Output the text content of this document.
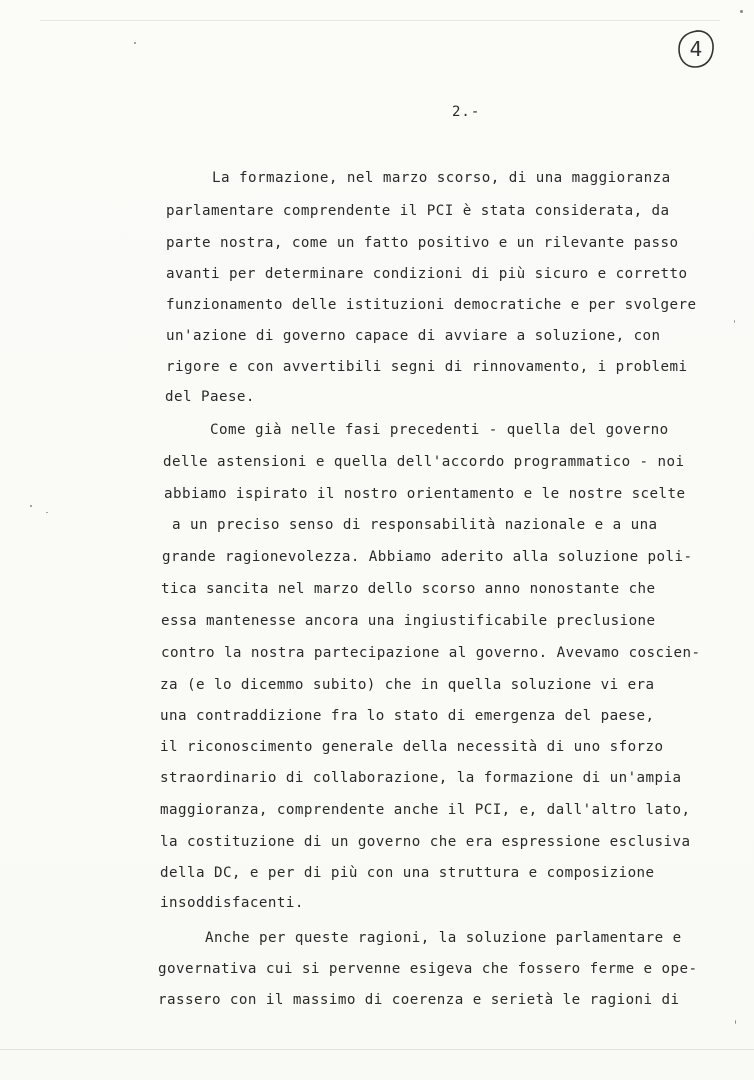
4
2.-
La formazione, nel marzo scorso, di una maggioranza
parlamentare comprendente il PCI è stata considerata, da
parte nostra, come un fatto positivo e un rilevante passo
avanti per determinare condizioni di più sicuro e corretto
funzionamento delle istituzioni democratiche e per svolgere
un'azione di governo capace di avviare a soluzione, con
rigore e con avvertibili segni di rinnovamento, i problemi
del Paese.
Come già nelle fasi precedenti - quella del governo
delle astensioni e quella dell'accordo programmatico - noi
abbiamo ispirato il nostro orientamento e le nostre scelte
a un preciso senso di responsabilità nazionale e a una
grande ragionevolezza. Abbiamo aderito alla soluzione poli-
tica sancita nel marzo dello scorso anno nonostante che
essa mantenesse ancora una ingiustificabile preclusione
contro la nostra partecipazione al governo. Avevamo coscien-
za (e lo dicemmo subito) che in quella soluzione vi era
una contraddizione fra lo stato di emergenza del paese,
il riconoscimento generale della necessità di uno sforzo
straordinario di collaborazione, la formazione di un'ampia
maggioranza, comprendente anche il PCI, e, dall'altro lato,
la costituzione di un governo che era espressione esclusiva
della DC, e per di più con una struttura e composizione
insoddisfacenti.
Anche per queste ragioni, la soluzione parlamentare e
governativa cui si pervenne esigeva che fossero ferme e ope-
rassero con il massimo di coerenza e serietà le ragioni di
